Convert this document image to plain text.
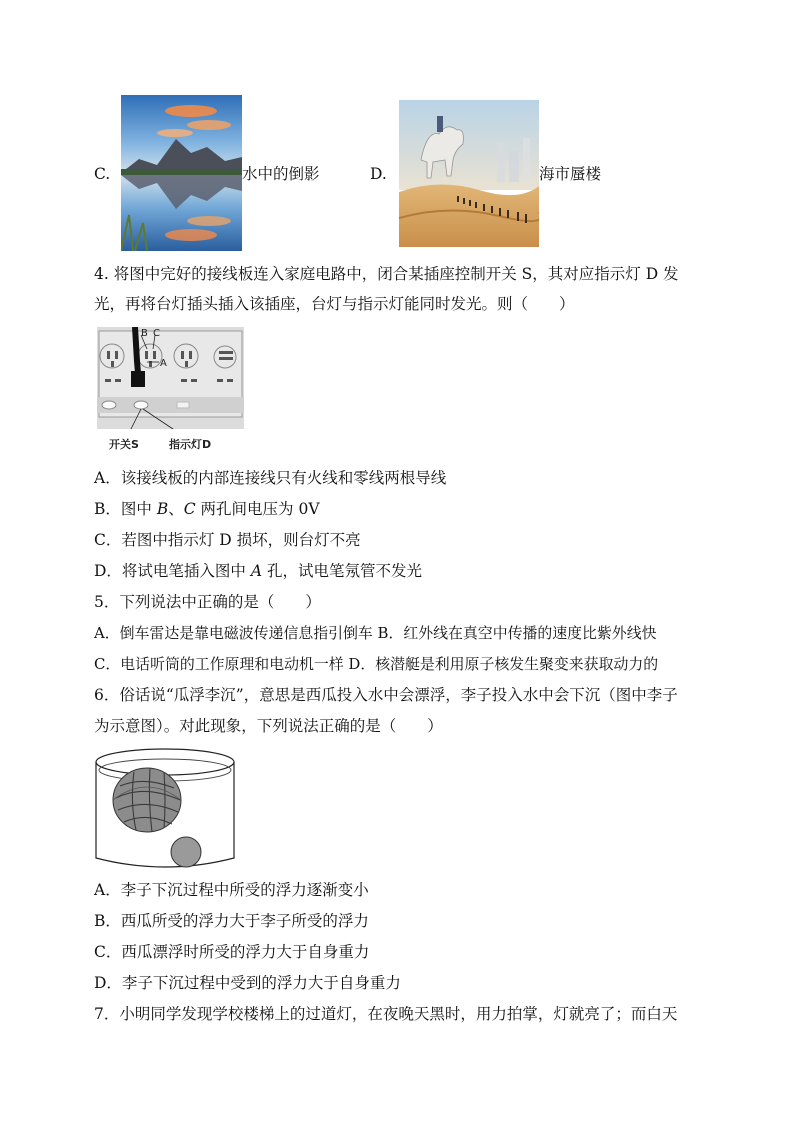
C.	水中的倒影	D.	海市蜃楼
4. 将图中完好的接线板连入家庭电路中，闭合某插座控制开关 S，其对应指示灯 D 发
光，再将台灯插头插入该插座，台灯与指示灯能同时发光。则（　　）
B C
A
开关S	指示灯D
A．该接线板的内部连接线只有火线和零线两根导线
B．图中 B、C 两孔间电压为 0V
C．若图中指示灯 D 损坏，则台灯不亮
D．将试电笔插入图中 A 孔，试电笔氖管不发光
5．下列说法中正确的是（　　）
A．倒车雷达是靠电磁波传递信息指引倒车 B．红外线在真空中传播的速度比紫外线快
C．电话听筒的工作原理和电动机一样 D．核潜艇是利用原子核发生聚变来获取动力的
6．俗话说“瓜浮李沉”，意思是西瓜投入水中会漂浮，李子投入水中会下沉（图中李子
为示意图）。对此现象，下列说法正确的是（　　）
A．李子下沉过程中所受的浮力逐渐变小
B．西瓜所受的浮力大于李子所受的浮力
C．西瓜漂浮时所受的浮力大于自身重力
D．李子下沉过程中受到的浮力大于自身重力
7．小明同学发现学校楼梯上的过道灯，在夜晚天黑时，用力拍掌，灯就亮了；而白天
